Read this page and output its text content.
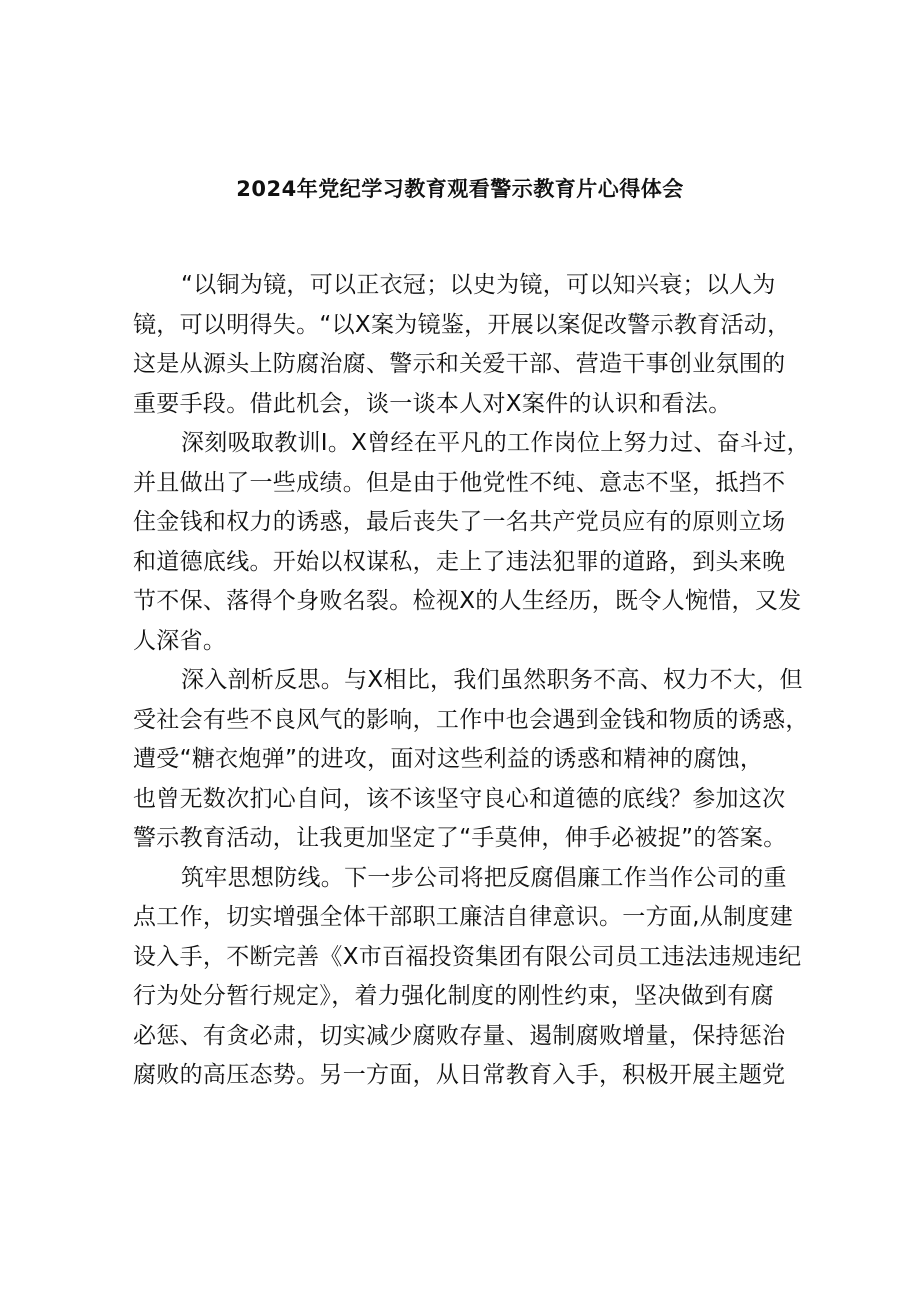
2024年党纪学习教育观看警示教育片心得体会
“以铜为镜，可以正衣冠；以史为镜，可以知兴衰；以人为
镜，可以明得失。“以X案为镜鉴，开展以案促改警示教育活动，
这是从源头上防腐治腐、警示和关爱干部、营造干事创业氛围的
重要手段。借此机会，谈一谈本人对X案件的认识和看法。
深刻吸取教训I。X曾经在平凡的工作岗位上努力过、奋斗过，
并且做出了一些成绩。但是由于他党性不纯、意志不坚，抵挡不
住金钱和权力的诱惑，最后丧失了一名共产党员应有的原则立场
和道德底线。开始以权谋私，走上了违法犯罪的道路，到头来晚
节不保、落得个身败名裂。检视X的人生经历，既令人惋惜，又发
人深省。
深入剖析反思。与X相比，我们虽然职务不高、权力不大，但
受社会有些不良风气的影响，工作中也会遇到金钱和物质的诱惑，
遭受“糖衣炮弹”的进攻，面对这些利益的诱惑和精神的腐蚀，
也曾无数次扪心自问，该不该坚守良心和道德的底线？参加这次
警示教育活动，让我更加坚定了“手莫伸，伸手必被捉”的答案。
筑牢思想防线。下一步公司将把反腐倡廉工作当作公司的重
点工作，切实增强全体干部职工廉洁自律意识。一方面,从制度建
设入手，不断完善《X市百福投资集团有限公司员工违法违规违纪
行为处分暂行规定》，着力强化制度的刚性约束，坚决做到有腐
必惩、有贪必肃，切实减少腐败存量、遏制腐败增量，保持惩治
腐败的高压态势。另一方面，从日常教育入手，积极开展主题党
